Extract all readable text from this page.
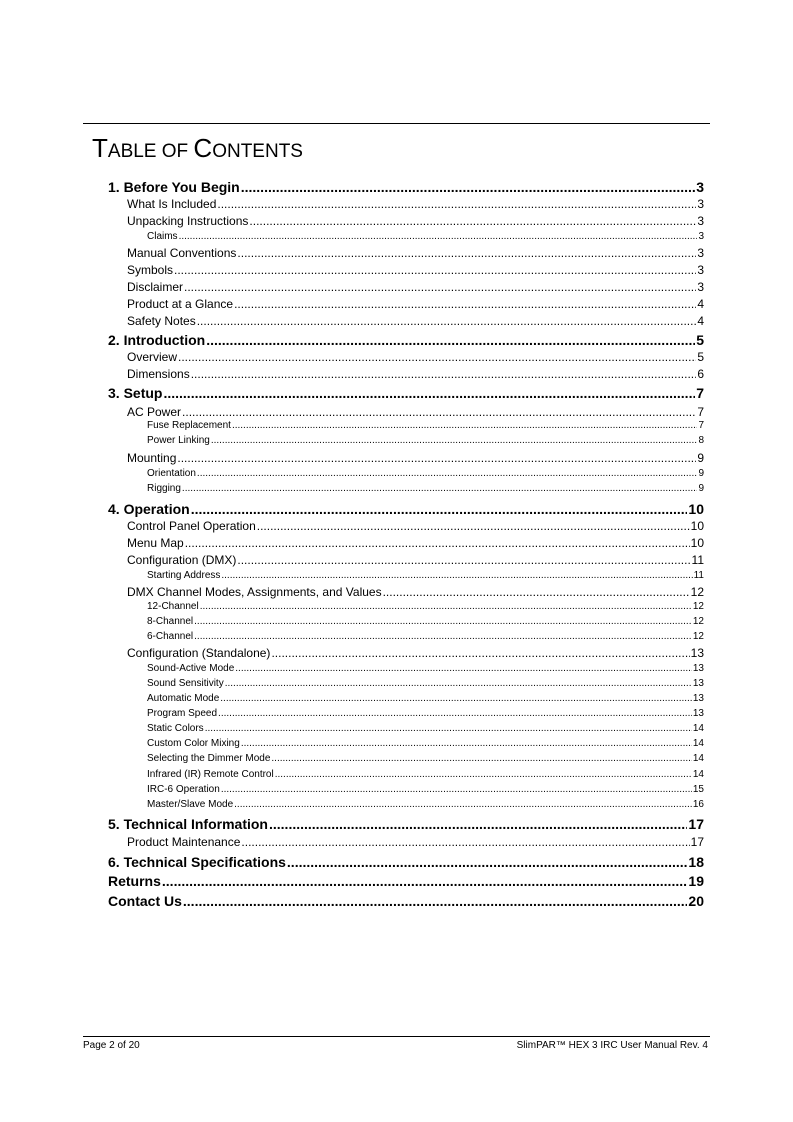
TABLE OF CONTENTS
1. Before You Begin .....	3
What Is Included .....	3
Unpacking Instructions .....	3
Claims .....	3
Manual Conventions .....	3
Symbols .....	3
Disclaimer .....	3
Product at a Glance .....	4
Safety Notes .....	4
2. Introduction .....	5
Overview .....	5
Dimensions .....	6
3. Setup .....	7
AC Power .....	7
Fuse Replacement .....	7
Power Linking .....	8
Mounting .....	9
Orientation .....	9
Rigging .....	9
4. Operation .....	10
Control Panel Operation .....	10
Menu Map .....	10
Configuration (DMX) .....	11
Starting Address .....	11
DMX Channel Modes, Assignments, and Values .....	12
12-Channel .....	12
8-Channel .....	12
6-Channel .....	12
Configuration (Standalone) .....	13
Sound-Active Mode .....	13
Sound Sensitivity .....	13
Automatic Mode .....	13
Program Speed .....	13
Static Colors .....	14
Custom Color Mixing .....	14
Selecting the Dimmer Mode .....	14
Infrared (IR) Remote Control .....	14
IRC-6 Operation .....	15
Master/Slave Mode .....	16
5. Technical Information .....	17
Product Maintenance .....	17
6. Technical Specifications .....	18
Returns .....	19
Contact Us .....	20
Page 2 of 20	SlimPAR™ HEX 3 IRC User Manual Rev. 4
